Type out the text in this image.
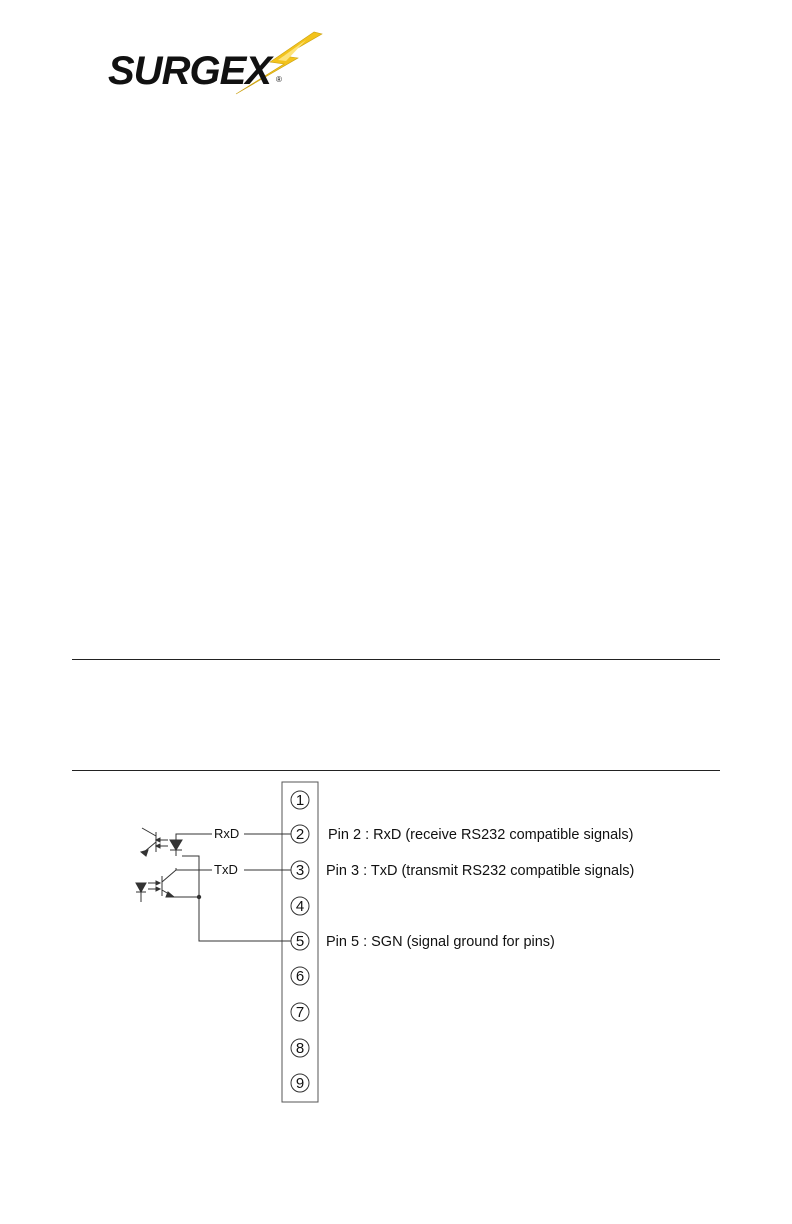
SURGEX ®
1
2
3
4
5
6
7
8
9
RxD
TxD
Pin 2 : RxD (receive RS232 compatible signals)
Pin 3 : TxD (transmit RS232 compatible signals)
Pin 5 : SGN (signal ground for pins)
